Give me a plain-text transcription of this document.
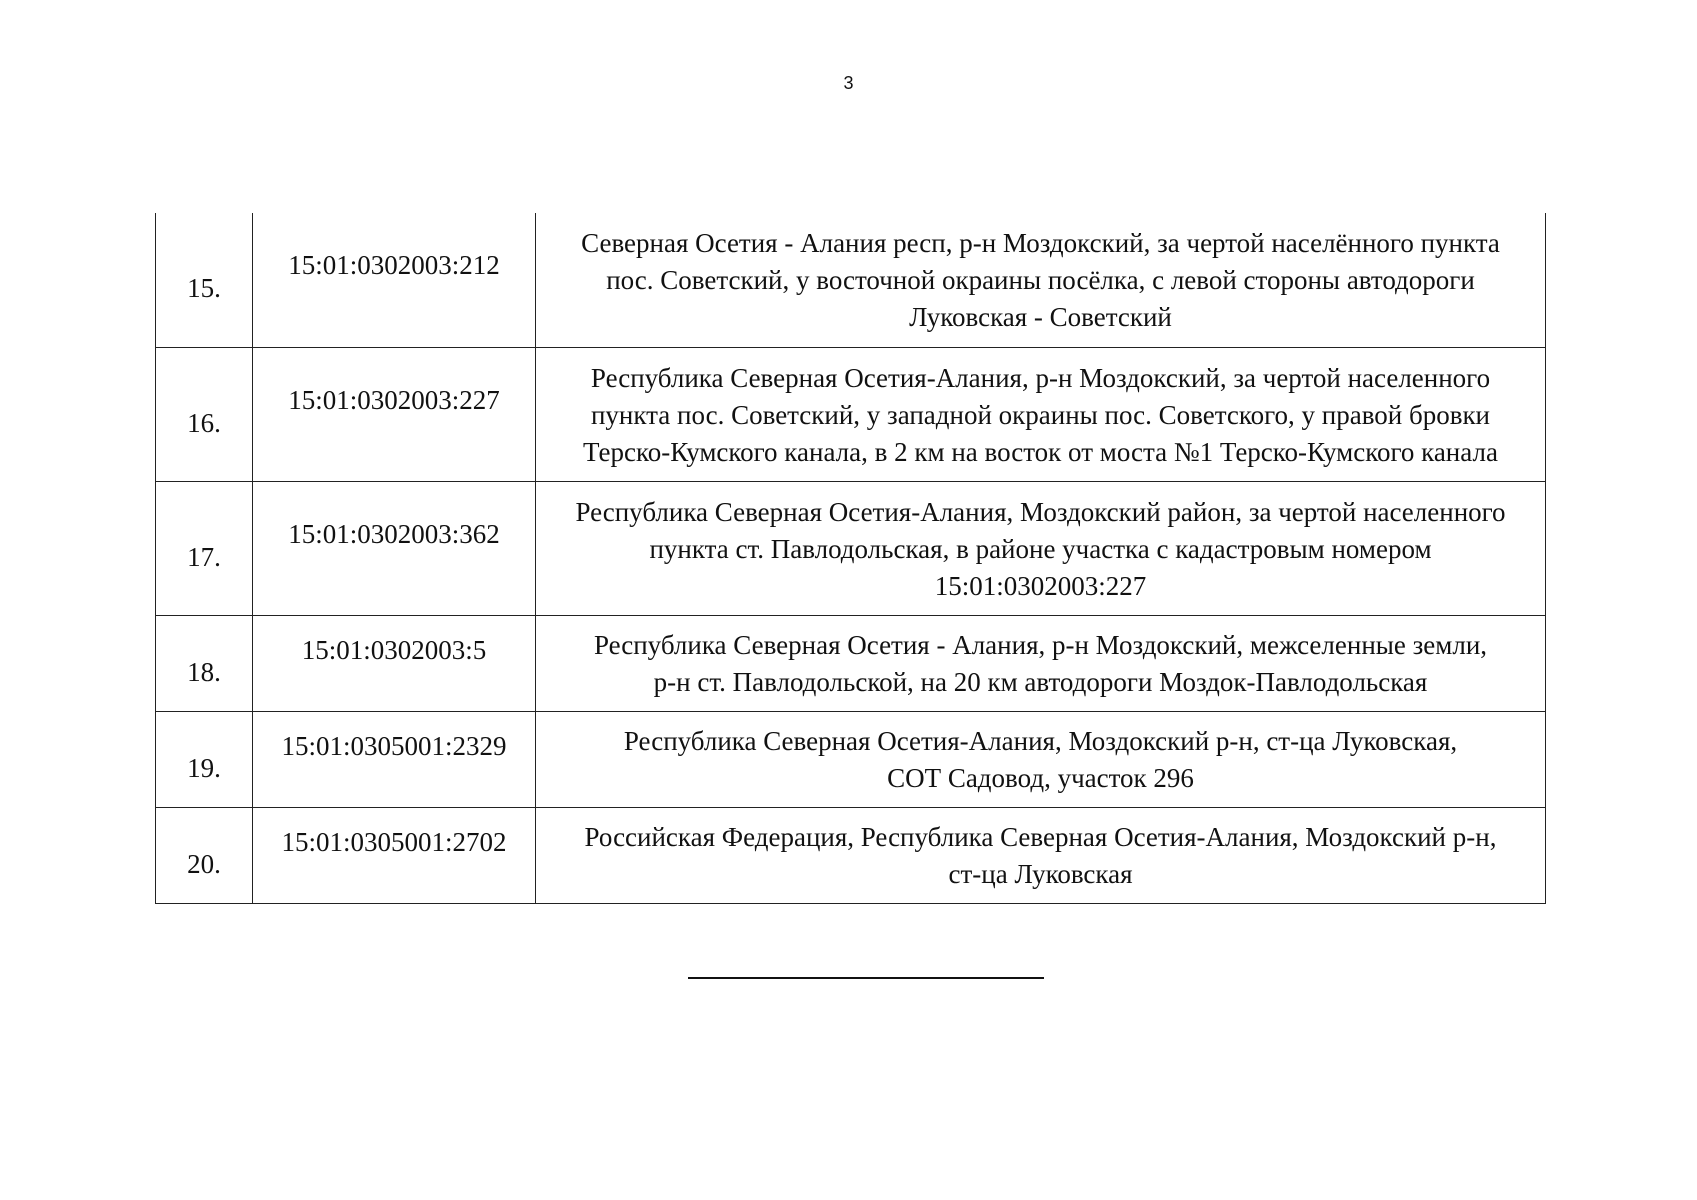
3
15.	15:01:0302003:212	Северная Осетия - Алания респ, р-н Моздокский, за чертой населённого пункта
пос. Советский, у восточной окраины посёлка, с левой стороны автодороги
Луковская - Советский

16.	15:01:0302003:227	Республика Северная Осетия-Алания, р-н Моздокский, за чертой населенного
пункта пос. Советский, у западной окраины пос. Советского, у правой бровки
Терско-Кумского канала, в 2 км на восток от моста №1 Терско-Кумского канала

17.	15:01:0302003:362	Республика Северная Осетия-Алания, Моздокский район, за чертой населенного
пункта ст. Павлодольская, в районе участка с кадастровым номером
15:01:0302003:227

18.	15:01:0302003:5	Республика Северная Осетия - Алания, р-н Моздокский, межселенные земли,
р-н ст. Павлодольской, на 20 км автодороги Моздок-Павлодольская

19.	15:01:0305001:2329	Республика Северная Осетия-Алания, Моздокский р-н, ст-ца Луковская,
СОТ Садовод, участок 296

20.	15:01:0305001:2702	Российская Федерация, Республика Северная Осетия-Алания, Моздокский р-н,
ст-ца Луковская
